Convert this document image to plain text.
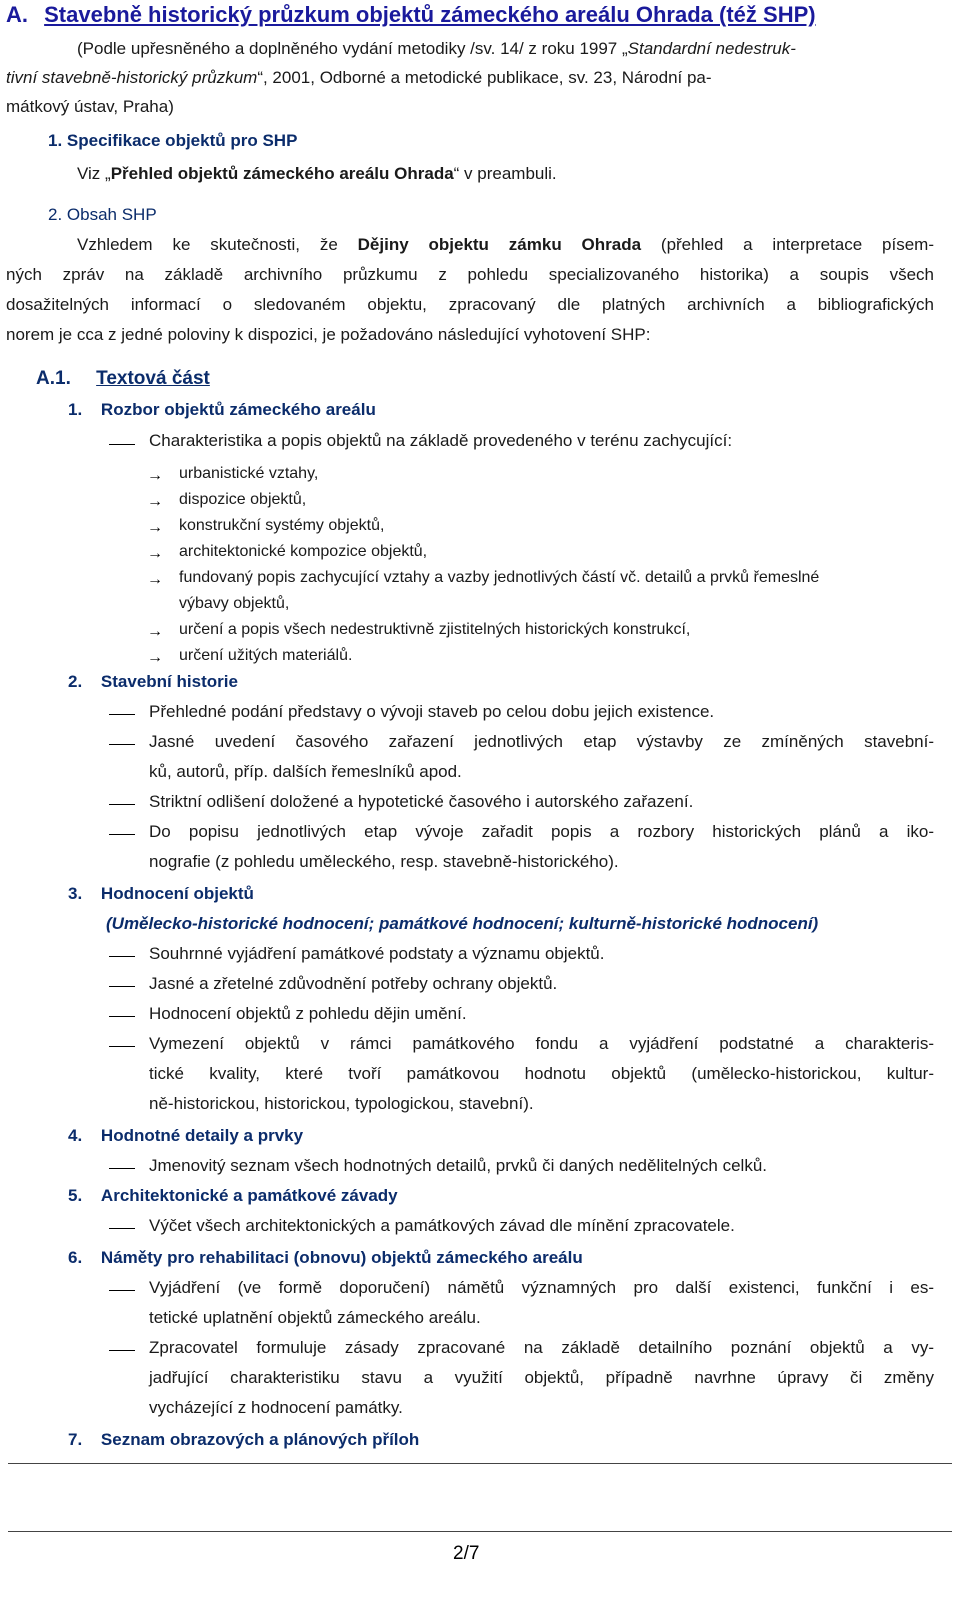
A. Stavebně historický průzkum objektů zámeckého areálu Ohrada (též SHP)
(Podle upřesněného a doplněného vydání metodiky /sv. 14/ z roku 1997 „Standardní nedestruk-
tivní stavebně-historický průzkum“, 2001, Odborné a metodické publikace, sv. 23, Národní pa-
mátkový ústav, Praha)
1. Specifikace objektů pro SHP
Viz „Přehled objektů zámeckého areálu Ohrada“ v preambuli.
2. Obsah SHP
Vzhledem ke skutečnosti, že Dějiny objektu zámku Ohrada (přehled a interpretace písem-
ných zpráv na základě archivního průzkumu z pohledu specializovaného historika) a soupis všech
dosažitelných informací o sledovaném objektu, zpracovaný dle platných archivních a bibliografických
norem je cca z jedné poloviny k dispozici, je požadováno následující vyhotovení SHP:
A.1. Textová část
1. Rozbor objektů zámeckého areálu
Charakteristika a popis objektů na základě provedeného v terénu zachycující:
→ urbanistické vztahy,
→ dispozice objektů,
→ konstrukční systémy objektů,
→ architektonické kompozice objektů,
→ fundovaný popis zachycující vztahy a vazby jednotlivých částí vč. detailů a prvků řemeslné
výbavy objektů,
→ určení a popis všech nedestruktivně zjistitelných historických konstrukcí,
→ určení užitých materiálů.
2. Stavební historie
Přehledné podání představy o vývoji staveb po celou dobu jejich existence.
Jasné uvedení časového zařazení jednotlivých etap výstavby ze zmíněných stavební-
ků, autorů, příp. dalších řemeslníků apod.
Striktní odlišení doložené a hypotetické časového i autorského zařazení.
Do popisu jednotlivých etap vývoje zařadit popis a rozbory historických plánů a iko-
nografie (z pohledu uměleckého, resp. stavebně-historického).
3. Hodnocení objektů
(Umělecko-historické hodnocení; památkové hodnocení; kulturně-historické hodnocení)
Souhrnné vyjádření památkové podstaty a významu objektů.
Jasné a zřetelné zdůvodnění potřeby ochrany objektů.
Hodnocení objektů z pohledu dějin umění.
Vymezení objektů v rámci památkového fondu a vyjádření podstatné a charakteris-
tické kvality, které tvoří památkovou hodnotu objektů (umělecko-historickou, kultur-
ně-historickou, historickou, typologickou, stavební).
4. Hodnotné detaily a prvky
Jmenovitý seznam všech hodnotných detailů, prvků či daných nedělitelných celků.
5. Architektonické a památkové závady
Výčet všech architektonických a památkových závad dle mínění zpracovatele.
6. Náměty pro rehabilitaci (obnovu) objektů zámeckého areálu
Vyjádření (ve formě doporučení) námětů významných pro další existenci, funkční i es-
tetické uplatnění objektů zámeckého areálu.
Zpracovatel formuluje zásady zpracované na základě detailního poznání objektů a vy-
jadřující charakteristiku stavu a využití objektů, případně navrhne úpravy či změny
vycházející z hodnocení památky.
7. Seznam obrazových a plánových příloh
2/7
